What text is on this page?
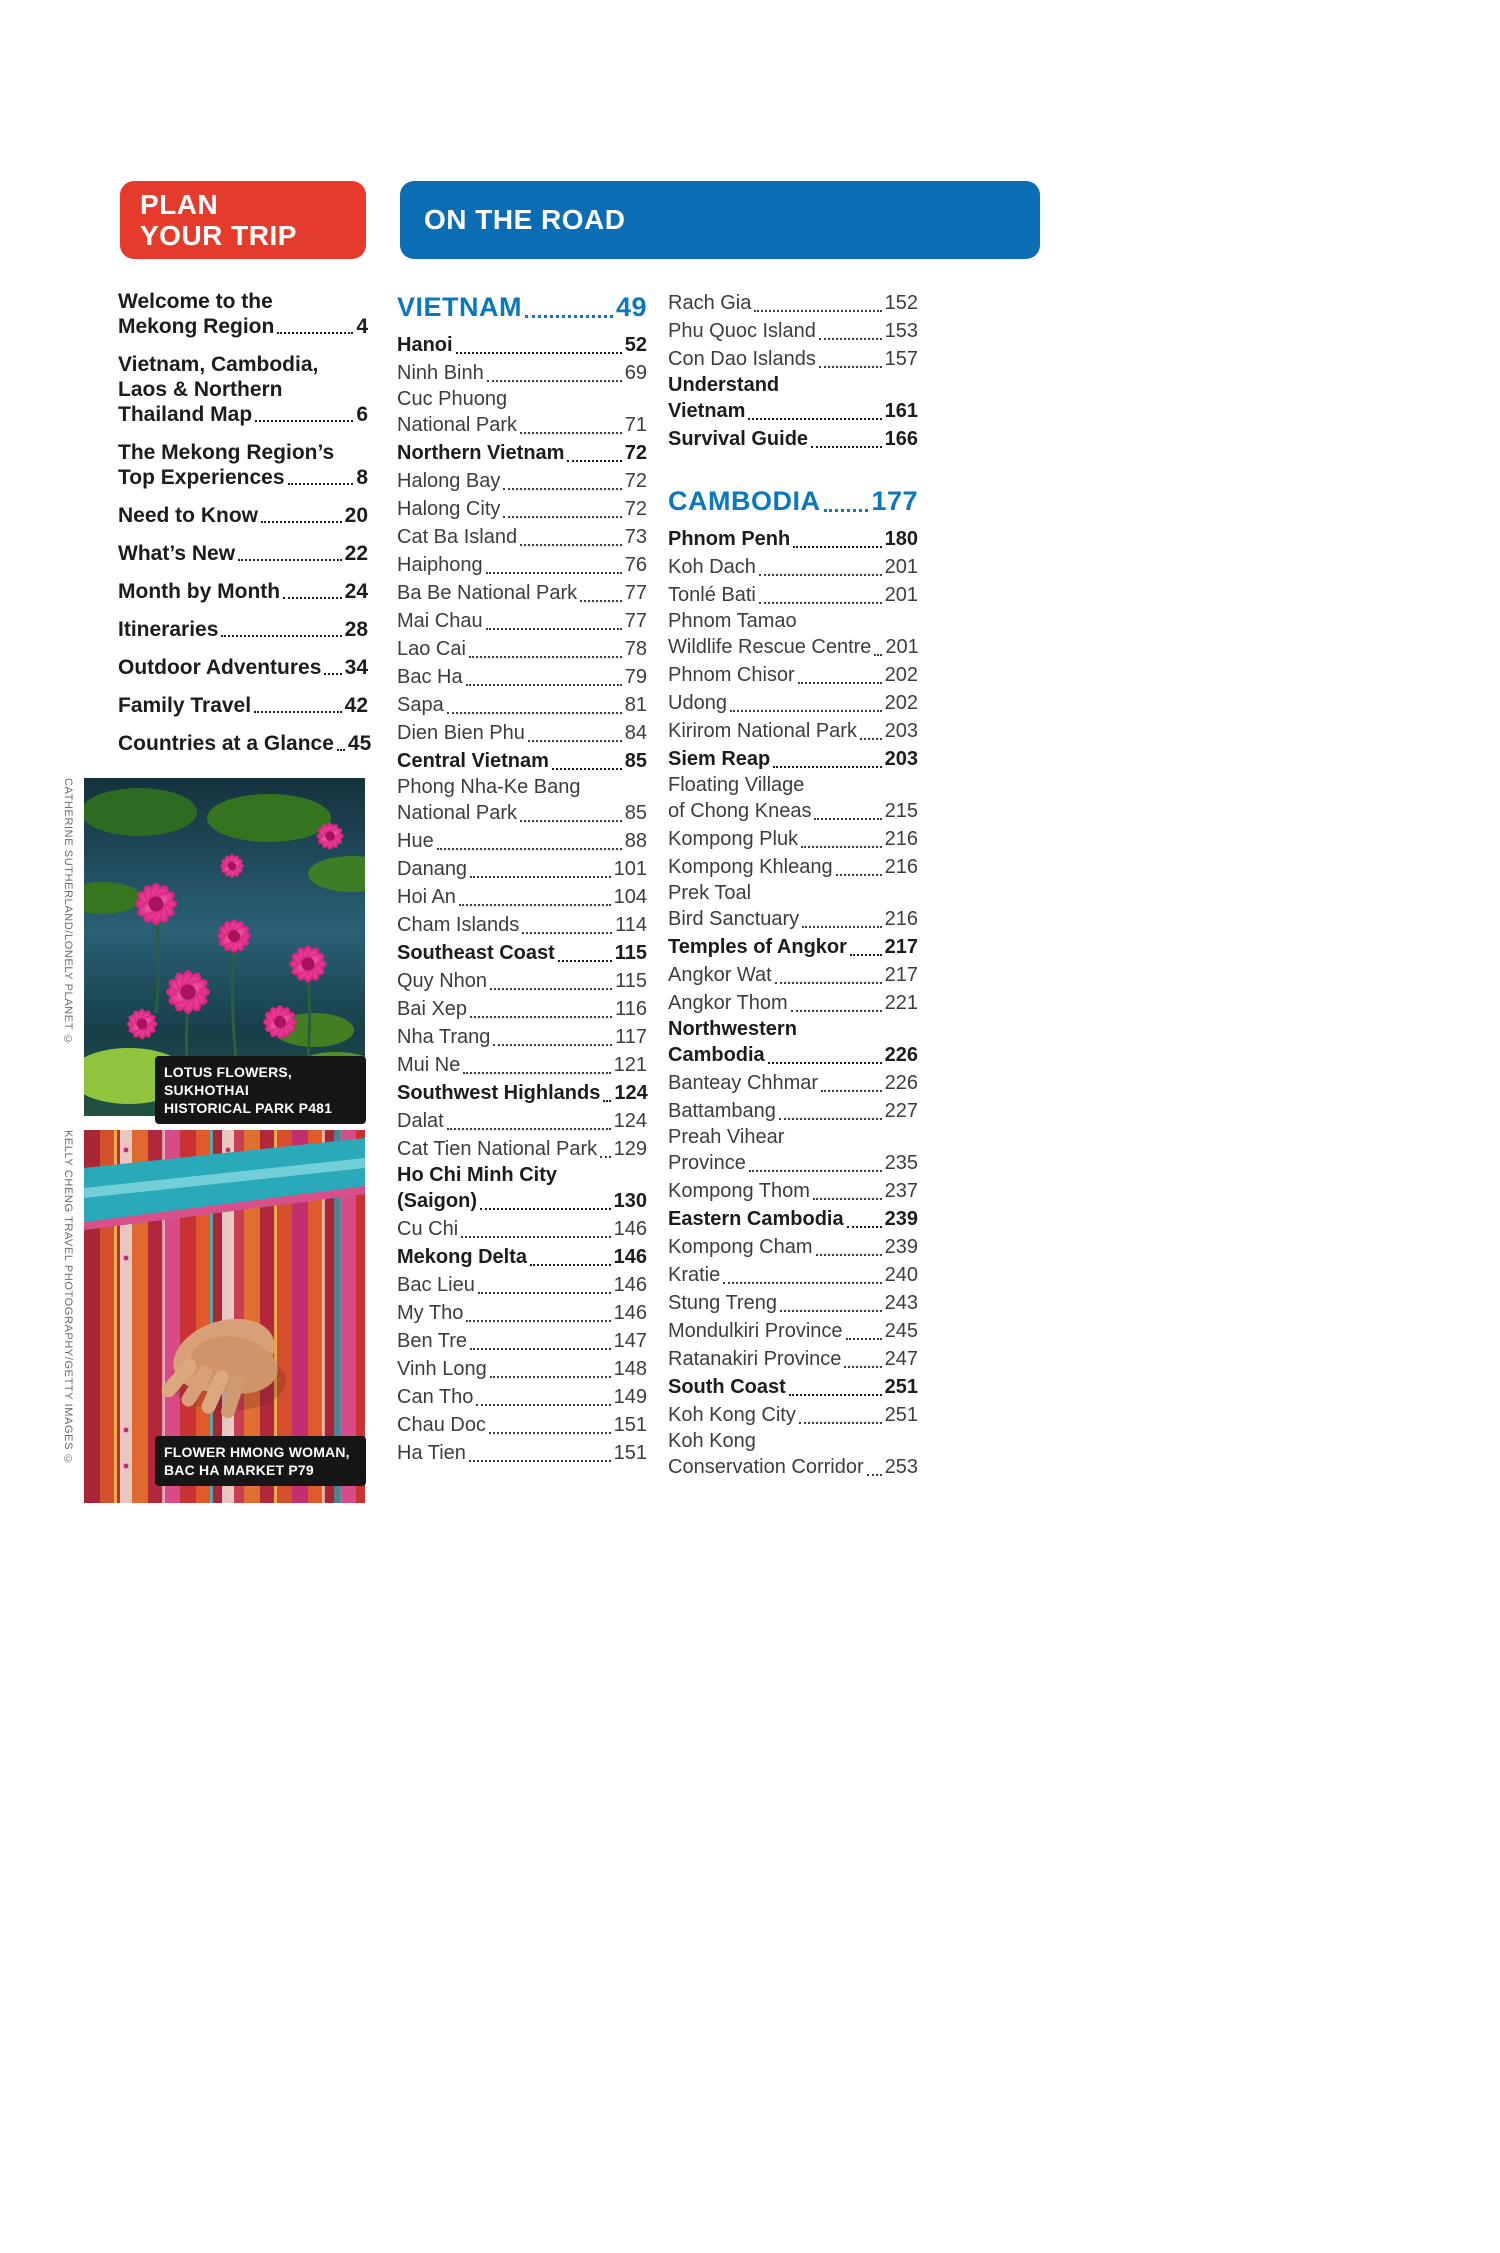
PLAN
YOUR TRIP
ON THE ROAD
Welcome to the
Mekong Region	4
Vietnam, Cambodia,
Laos & Northern
Thailand Map	6
The Mekong Region’s
Top Experiences	8
Need to Know	20
What’s New	22
Month by Month	24
Itineraries	28
Outdoor Adventures 34
Family Travel	42
Countries at a Glance 45
VIETNAM	49
Hanoi	52
Ninh Binh	69
Cuc Phuong
National Park	71
Northern Vietnam	72
Halong Bay	72
Halong City	72
Cat Ba Island	73
Haiphong	76
Ba Be National Park 77
Mai Chau	77
Lao Cai	78
Bac Ha	79
Sapa	81
Dien Bien Phu	84
Central Vietnam	85
Phong Nha-Ke Bang
National Park	85
Hue	88
Danang	101
Hoi An	104
Cham Islands	114
Southeast Coast	115
Quy Nhon	115
Bai Xep	116
Nha Trang	117
Mui Ne	121
Southwest Highlands 124
Dalat	124
Cat Tien National Park 129
Ho Chi Minh City
(Saigon)	130
Cu Chi	146
Mekong Delta	146
Bac Lieu	146
My Tho	146
Ben Tre	147
Vinh Long	148
Can Tho	149
Chau Doc	151
Ha Tien	151
Rach Gia	152
Phu Quoc Island	153
Con Dao Islands	157
Understand
Vietnam	161
Survival Guide	166
CAMBODIA 177
Phnom Penh	180
Koh Dach	201
Tonlé Bati	201
Phnom Tamao
Wildlife Rescue Centre 201
Phnom Chisor	202
Udong	202
Kirirom National Park 203
Siem Reap	203
Floating Village
of Chong Kneas	215
Kompong Pluk	216
Kompong Khleang	216
Prek Toal
Bird Sanctuary	216
Temples of Angkor 217
Angkor Wat	217
Angkor Thom	221
Northwestern
Cambodia	226
Banteay Chhmar	226
Battambang	227
Preah Vihear
Province	235
Kompong Thom	237
Eastern Cambodia 239
Kompong Cham	239
Kratie	240
Stung Treng	243
Mondulkiri Province 245
Ratanakiri Province 247
South Coast	251
Koh Kong City	251
Koh Kong
Conservation Corridor 253
CATHERINE SUTHERLAND/LONELY PLANET ©
LOTUS FLOWERS, SUKHOTHAI
HISTORICAL PARK P481
KELLY CHENG TRAVEL PHOTOGRAPHY/GETTY IMAGES ©	FLOWER HMONG WOMAN,
BAC HA MARKET P79
